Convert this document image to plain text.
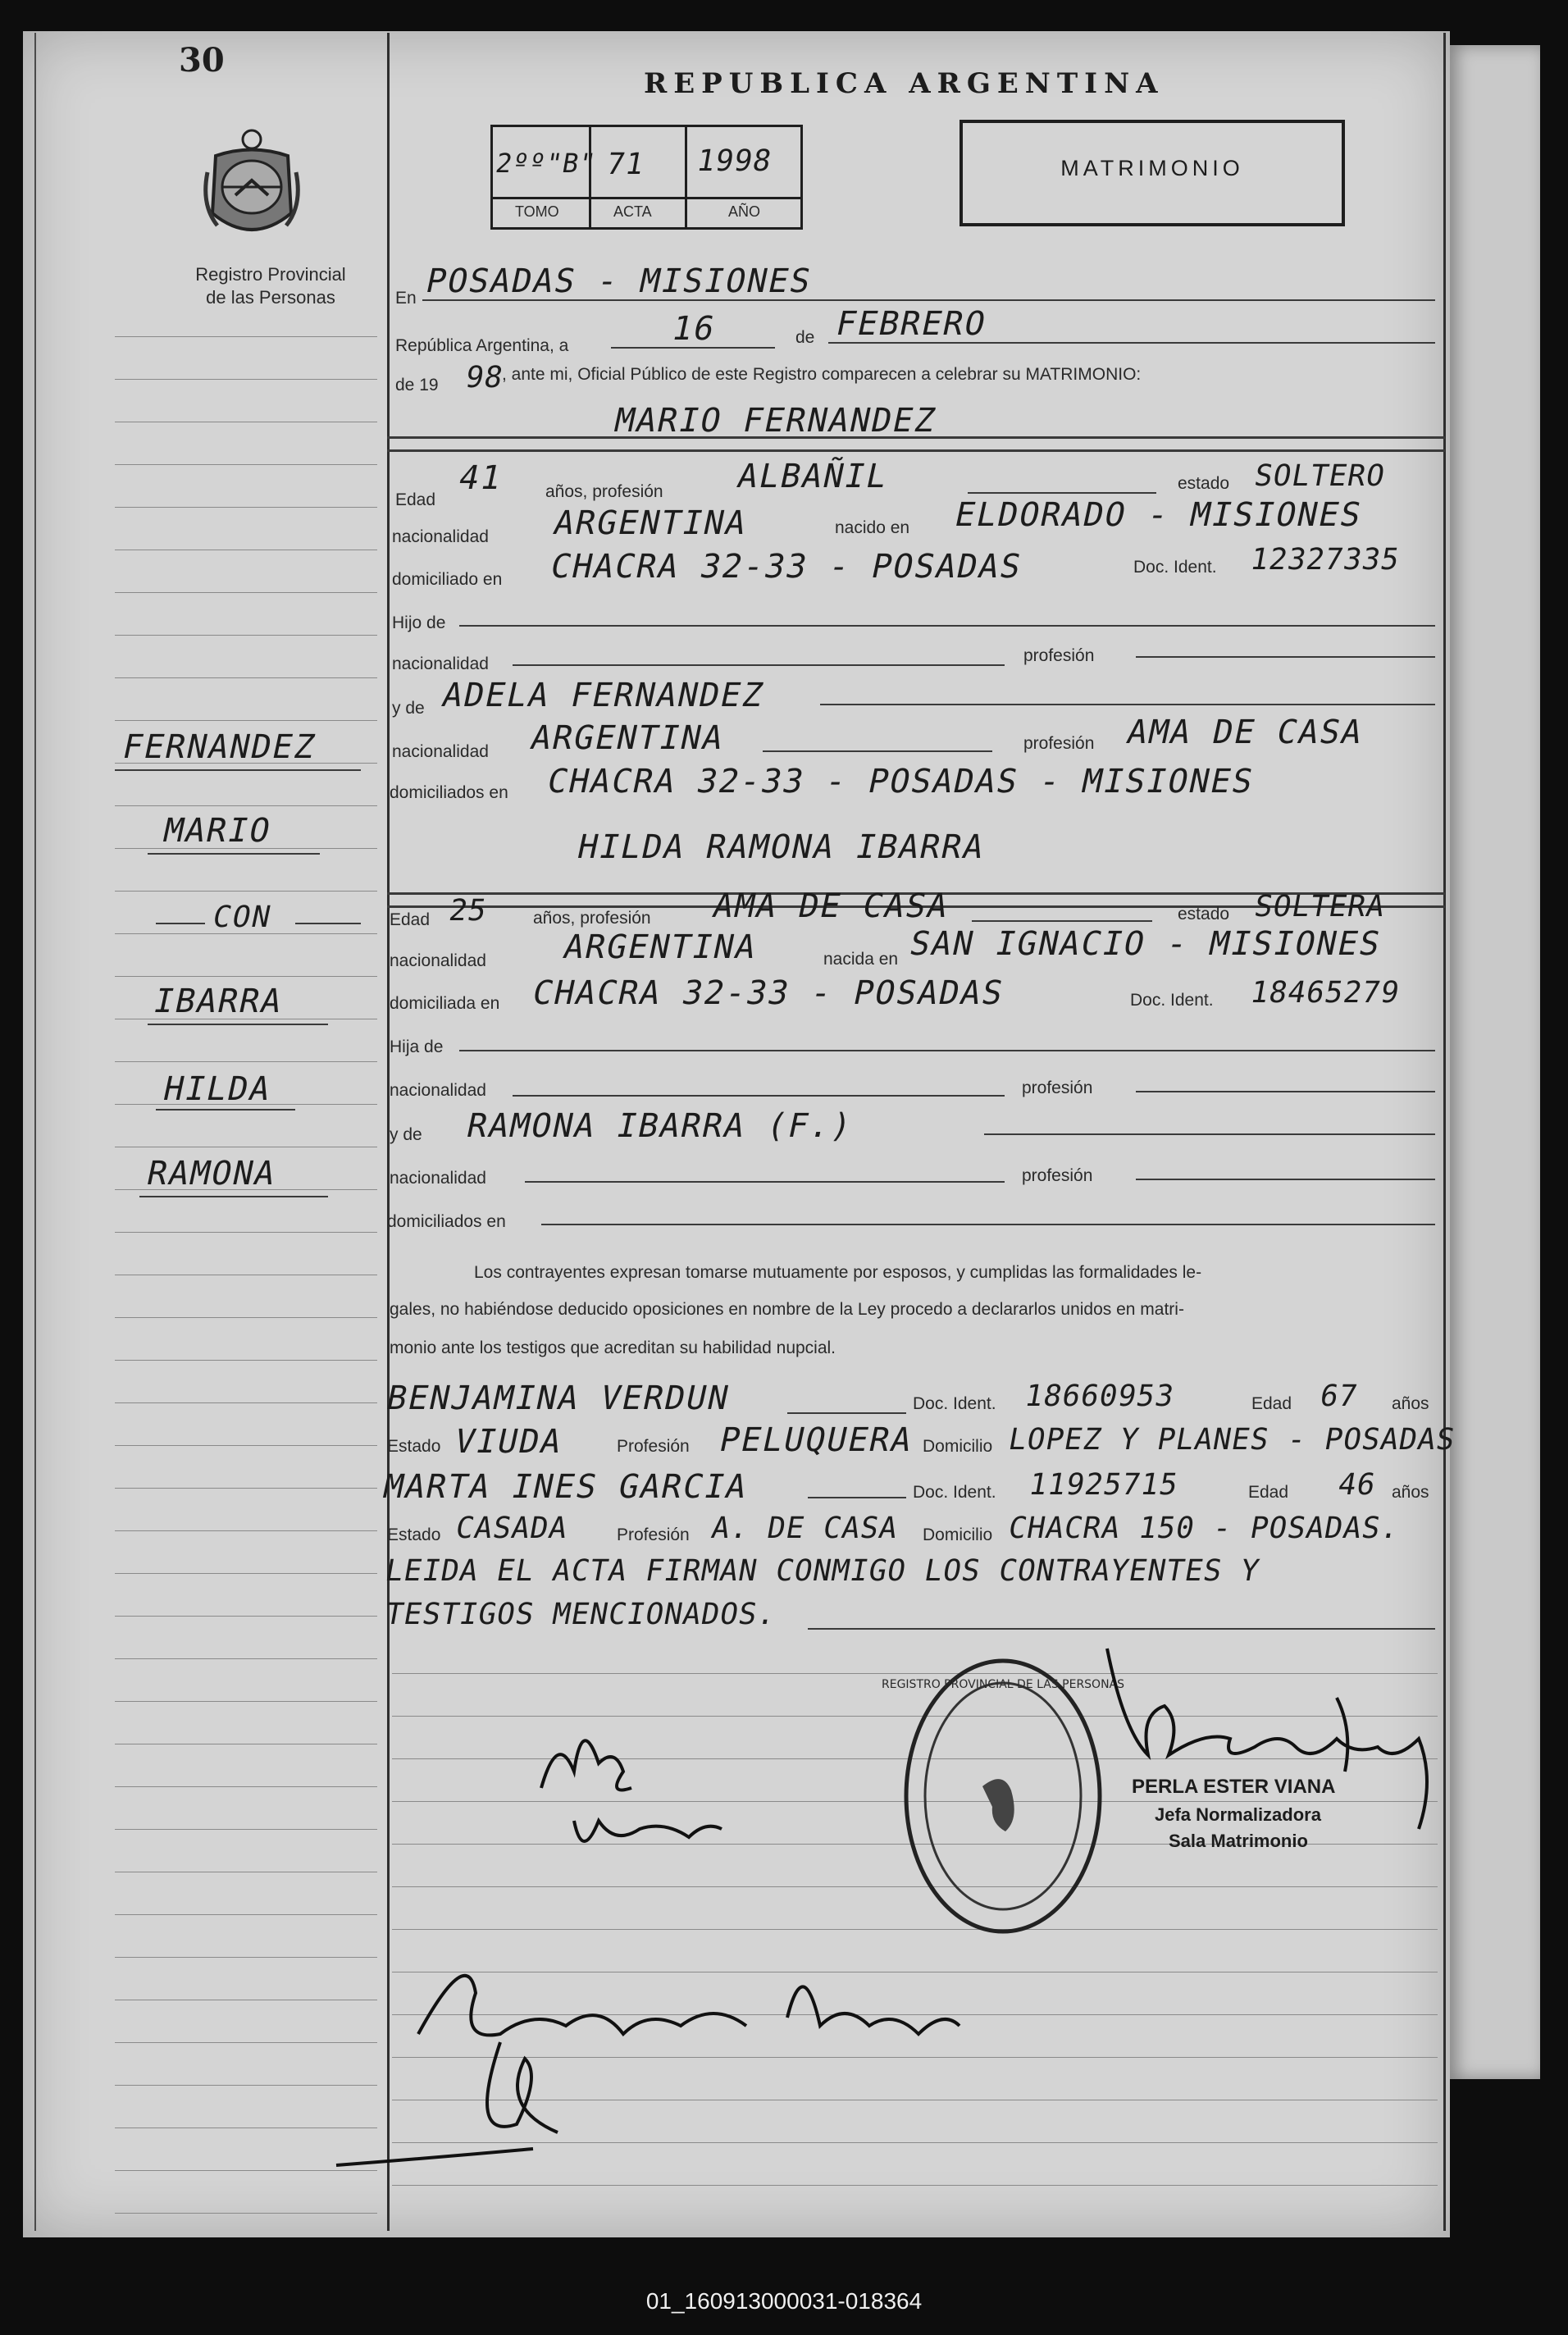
30
Registro Provincial
de las Personas
REPUBLICA ARGENTINA
2ºº"B" 71 1998
TOMO	ACTA	AÑO
MATRIMONIO
En POSADAS - MISIONES
República Argentina, a	16	de FEBRERO
de 19 98
, ante mi, Oficial Público de este Registro comparecen a celebrar su MATRIMONIO:
MARIO FERNANDEZ
Edad
41 años, profesión ALBAÑIL	estado SOLTERO
nacionalidad ARGENTINA	nacido en ELDORADO - MISIONES
domiciliado en CHACRA 32-33 - POSADAS	Doc. Ident. 12327335
Hijo de
nacionalidad	profesión
y de ADELA FERNANDEZ
nacionalidad ARGENTINA	profesión AMA DE CASA
domiciliados en CHACRA 32-33 - POSADAS - MISIONES
HILDA RAMONA IBARRA
Edad 25	años, profesión AMA DE CASA	estado SOLTERA
nacionalidad ARGENTINA	nacida en SAN IGNACIO - MISIONES
domiciliada en CHACRA 32-33 - POSADAS	Doc. Ident. 18465279
Hija de
nacionalidad	profesión
y de RAMONA IBARRA (F.)
nacionalidad	profesión
domiciliados en
Los contrayentes expresan tomarse mutuamente por esposos, y cumplidas las formalidades le-
gales, no habiéndose deducido oposiciones en nombre de la Ley procedo a declararlos unidos en matri-
monio ante los testigos que acreditan su habilidad nupcial.
BENJAMINA VERDUN	Doc. Ident. 18660953	Edad 67 años
Estado VIUDA	Profesión PELUQUERA Domicilio LOPEZ Y PLANES - POSADAS
MARTA INES GARCIA	Doc. Ident. 11925715	Edad 46 años
Estado CASADA	Profesión A. DE CASA Domicilio CHACRA 150 - POSADAS.
LEIDA EL ACTA FIRMAN CONMIGO LOS CONTRAYENTES Y
TESTIGOS MENCIONADOS.
FERNANDEZ
MARIO
CON
IBARRA
HILDA
RAMONA
REGISTRO PROVINCIAL DE LAS PERSONAS
PERLA ESTER VIANA
Jefa Normalizadora
Sala Matrimonio
01_160913000031-018364
